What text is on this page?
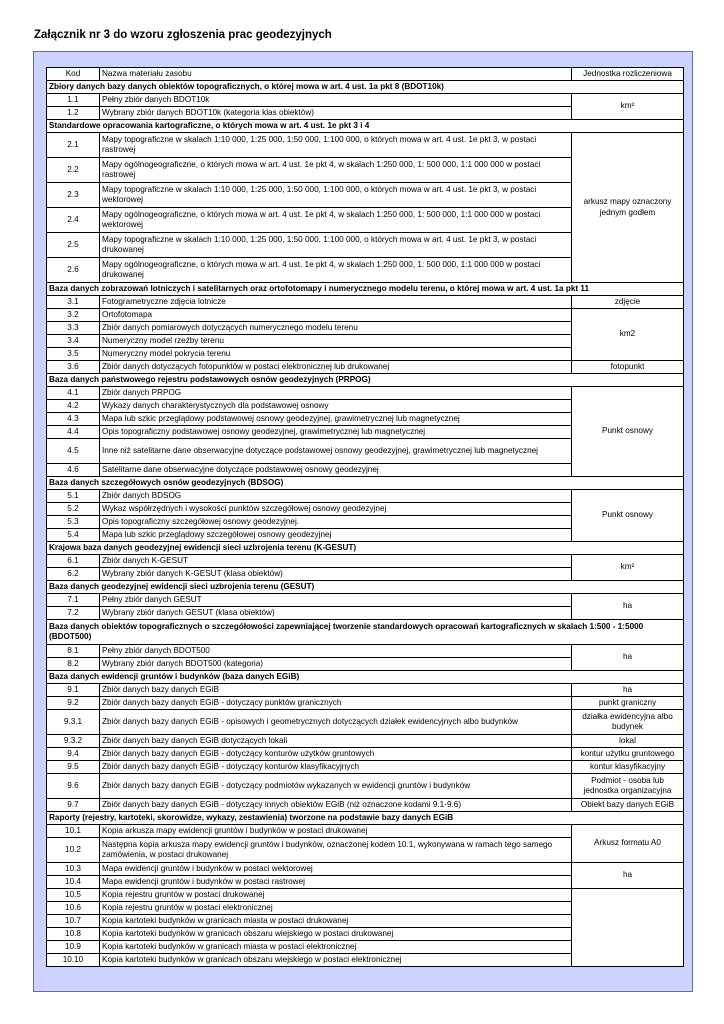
Załącznik nr 3 do wzoru zgłoszenia prac geodezyjnych
Kod	Nazwa materiału zasobu	Jednostka rozliczeniowa
Zbiory danych bazy danych obiektów topograficznych, o której mowa w art. 4 ust. 1a pkt 8 (BDOT10k)		
1.1	Pełny zbiór danych BDOT10k	km²
1.2	Wybrany zbiór danych BDOT10k (kategoria klas obiektów)	
Standardowe opracowania kartograficzne, o których mowa w art. 4 ust. 1e pkt 3 i 4		
2.1	Mapy topograficzne w skalach 1:10 000, 1:25 000, 1:50 000, 1:100 000, o których mowa w art. 4 ust. 1e pkt 3, w postaci rastrowej	arkusz mapy oznaczony jednym godłem
2.2	Mapy ogólnogeograficzne, o których mowa w art. 4 ust. 1e pkt 4, w skalach 1:250 000, 1: 500 000, 1:1 000 000 w postaci rastrowej	
2.3	Mapy topograficzne w skalach 1:10 000, 1:25 000, 1:50 000, 1:100 000, o których mowa w art. 4 ust. 1e pkt 3, w postaci wektorowej	
2.4	Mapy ogólnogeograficzne, o których mowa w art. 4 ust. 1e pkt 4, w skalach 1:250 000, 1: 500 000, 1:1 000 000 w postaci wektorowej	
2.5	Mapy topograficzne w skalach 1:10 000, 1:25 000, 1:50 000, 1:100 000, o których mowa w art. 4 ust. 1e pkt 3, w postaci drukowanej	
2.6	Mapy ogólnogeograficzne, o których mowa w art. 4 ust. 1e pkt 4, w skalach 1:250 000, 1: 500 000, 1:1 000 000 w postaci drukowanej	
Baza danych zobrazowań lotniczych i satelitarnych oraz ortofotomapy i numerycznego modelu terenu, o której mowa w art. 4 ust. 1a pkt 11		
3.1	Fotogrametryczne zdjęcia lotnicze	zdjęcie
3.2	Ortofotomapa	km2
3.3	Zbiór danych pomiarowych dotyczących numerycznego modelu terenu	
3.4	Numeryczny model rzeźby terenu	
3.5	Numeryczny model pokrycia terenu	
3.6	Zbiór danych dotyczących fotopunktów w postaci elektronicznej lub drukowanej	fotopunkt
Baza danych państwowego rejestru podstawowych osnów geodezyjnych (PRPOG)		
4.1	Zbiór danych PRPOG	Punkt osnowy
4.2	Wykazy danych charakterystycznych dla podstawowej osnowy	
4.3	Mapa lub szkic przeglądowy podstawowej osnowy geodezyjnej, grawimetrycznej lub magnetycznej	
4.4	Opis topograficzny podstawowej osnowy geodezyjnej, grawimetrycznej lub magnetycznej	
4.5	Inne niż satelitarne dane obserwacyjne dotyczące podstawowej osnowy geodezyjnej, grawimetrycznej lub magnetycznej	
4.6	Satelitarne dane obserwacyjne dotyczące podstawowej osnowy geodezyjnej	
Baza danych szczegółowych osnów geodezyjnych (BDSOG)		
5.1	Zbiór danych BDSOG	Punkt osnowy
5.2	Wykaz współrzędnych i wysokości punktów szczegółowej osnowy geodezyjnej	
5.3	Opis topograficzny szczegółowej osnowy geodezyjnej.	
5.4	Mapa lub szkic przeglądowy szczegółowej osnowy geodezyjnej	
Krajowa baza danych geodezyjnej ewidencji sieci uzbrojenia terenu (K-GESUT)		
6.1	Zbiór danych K-GESUT	km²
6.2	Wybrany zbiór danych K-GESUT (klasa obiektów)	
Baza danych geodezyjnej ewidencji sieci uzbrojenia terenu (GESUT)		
7.1	Pełny zbiór danych GESUT	ha
7.2	Wybrany zbiór danych GESUT (klasa obiektów)	
Baza danych obiektów topograficznych o szczegółowości zapewniającej tworzenie standardowych opracowań kartograficznych w skalach 1:500 - 1:5000 (BDOT500)		
8.1	Pełny zbiór danych BDOT500	ha
8.2	Wybrany zbiór danych BDOT500 (kategoria)	
Baza danych ewidencji gruntów i budynków (baza danych EGiB)		
9.1	Zbiór danych bazy danych EGiB	ha
9.2	Zbiór danych bazy danych EGiB - dotyczący punktów granicznych	punkt graniczny
9.3.1	Zbiór danych bazy danych EGiB - opisowych i geometrycznych dotyczących działek ewidencyjnych albo budynków	działka ewidencyjna albo budynek
9.3.2	Zbiór danych bazy danych EGiB dotyczących lokali	lokal
9.4	Zbiór danych bazy danych EGiB - dotyczący konturów użytków gruntowych	kontur użytku gruntowego
9.5	Zbiór danych bazy danych EGiB - dotyczący konturów klasyfikacyjnych	kontur klasyfikacyjny
9.6	Zbiór danych bazy danych EGiB - dotyczący podmiotów wykazanych w ewidencji gruntów i budynków	Podmiot - osoba lub jednostka organizacyjna
9.7	Zbiór danych bazy danych EGiB - dotyczący innych obiektów EGiB (niż oznaczone kodami 9.1-9.6)	Obiekt bazy danych EGiB
Raporty (rejestry, kartoteki, skorowidze, wykazy, zestawienia) tworzone na podstawie bazy danych EGiB		
10.1	Kopia arkusza mapy ewidencji gruntów i budynków w postaci drukowanej	Arkusz formatu A0
10.2	Następna kopia arkusza mapy ewidencji gruntów i budynków, oznaczonej kodem 10.1, wykonywana w ramach tego samego zamówienia, w postaci drukowanej	
10.3	Mapa ewidencji gruntów i budynków w postaci wektorowej	ha
10.4	Mapa ewidencji gruntów i budynków w postaci rastrowej	
10.5	Kopia rejestru gruntów w postaci drukowanej	
10.6	Kopia rejestru gruntów w postaci elektronicznej	
10.7	Kopia kartoteki budynków w granicach miasta w postaci drukowanej	
10.8	Kopia kartoteki budynków w granicach obszaru wiejskiego w postaci drukowanej	
10.9	Kopia kartoteki budynków w granicach miasta w postaci elektronicznej	
10.10	Kopia kartoteki budynków w granicach obszaru wiejskiego w postaci elektronicznej	
